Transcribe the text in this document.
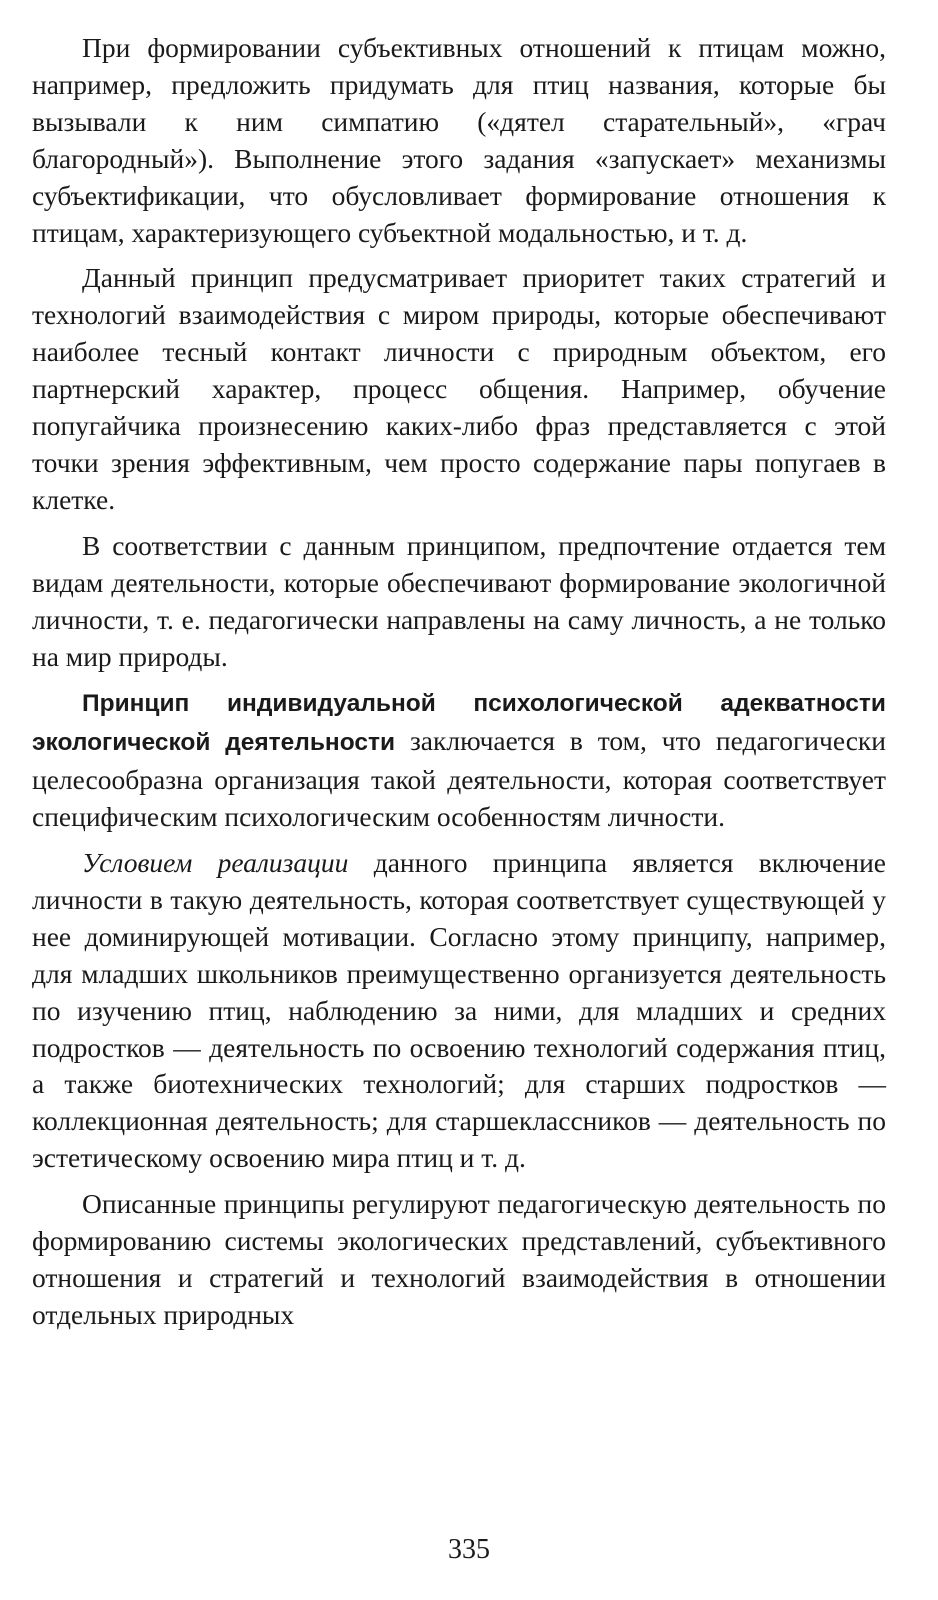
При формировании субъективных отношений к птицам можно, например, предложить придумать для птиц названия, которые бы вызывали к ним симпатию («дятел старательный», «грач благородный»). Выполнение этого задания «запускает» механизмы субъектификации, что обусловливает формирование отношения к птицам, характеризующего субъектной модальностью, и т. д.

Данный принцип предусматривает приоритет таких стратегий и технологий взаимодействия с миром природы, которые обеспечивают наиболее тесный контакт личности с природным объектом, его партнерский характер, процесс общения. Например, обучение попугайчика произнесению каких-либо фраз представляется с этой точки зрения эффективным, чем просто содержание пары попугаев в клетке.

В соответствии с данным принципом, предпочтение отдается тем видам деятельности, которые обеспечивают формирование экологичной личности, т. е. педагогически направлены на саму личность, а не только на мир природы.

Принцип индивидуальной психологической адекватности экологической деятельности заключается в том, что педагогически целесообразна организация такой деятельности, которая соответствует специфическим психологическим особенностям личности.

Условием реализации данного принципа является включение личности в такую деятельность, которая соответствует существующей у нее доминирующей мотивации. Согласно этому принципу, например, для младших школьников преимущественно организуется деятельность по изучению птиц, наблюдению за ними, для младших и средних подростков — деятельность по освоению технологий содержания птиц, а также биотехнических технологий; для старших подростков — коллекционная деятельность; для старшеклассников — деятельность по эстетическому освоению мира птиц и т. д.

Описанные принципы регулируют педагогическую деятельность по формированию системы экологических представлений, субъективного отношения и стратегий и технологий взаимодействия в отношении отдельных природных

335
